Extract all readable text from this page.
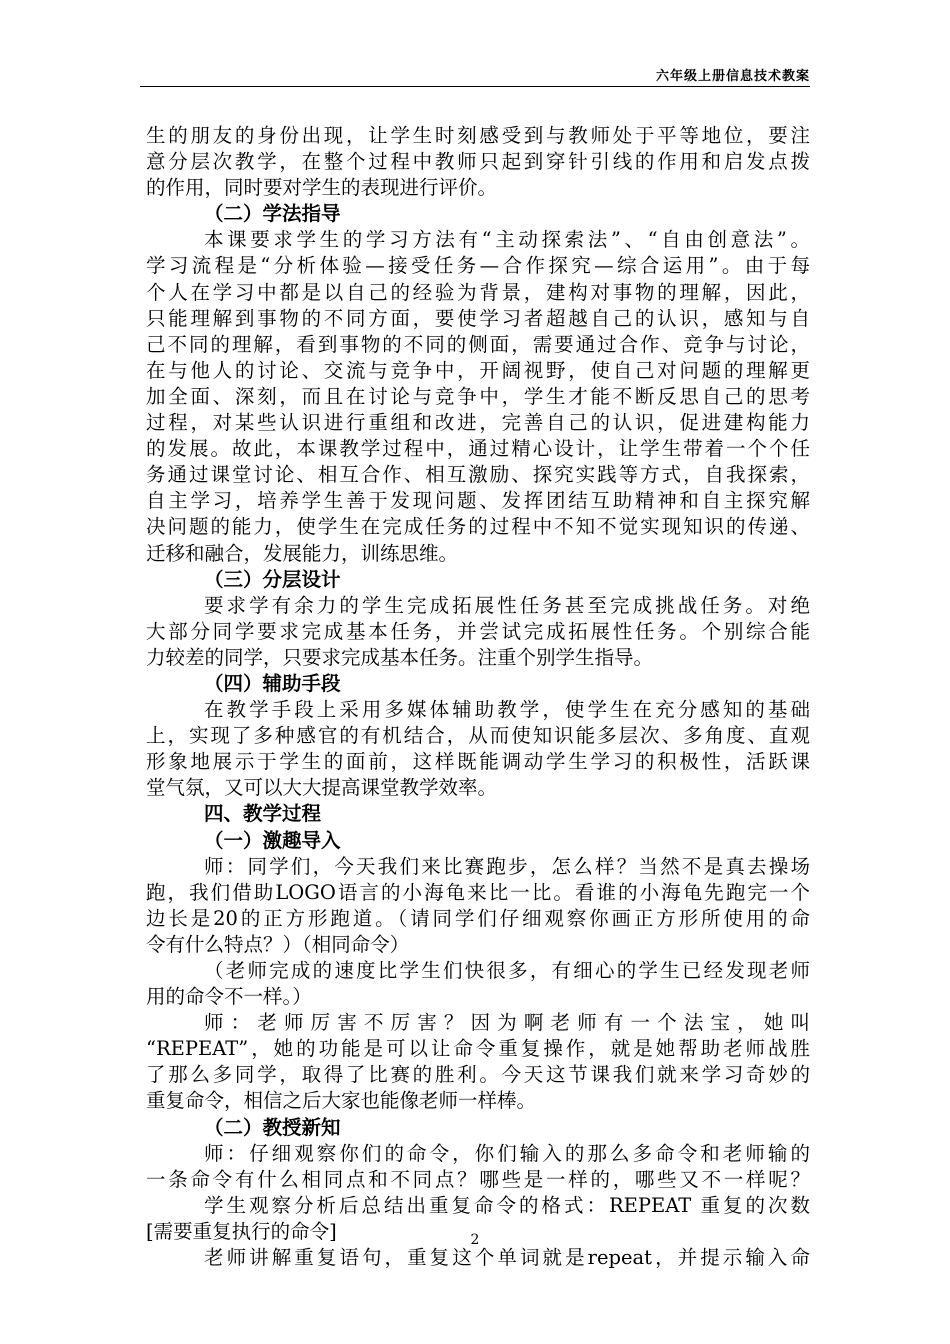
六年级上册信息技术教案
生的朋友的身份出现，让学生时刻感受到与教师处于平等地位，要注
意分层次教学，在整个过程中教师只起到穿针引线的作用和启发点拨
的作用，同时要对学生的表现进行评价。
（二）学法指导
本课要求学生的学习方法有“主动探索法”、“自由创意法”。
学习流程是“分析体验—接受任务—合作探究—综合运用”。由于每
个人在学习中都是以自己的经验为背景，建构对事物的理解，因此，
只能理解到事物的不同方面，要使学习者超越自己的认识，感知与自
己不同的理解，看到事物的不同的侧面，需要通过合作、竞争与讨论，
在与他人的讨论、交流与竞争中，开阔视野，使自己对问题的理解更
加全面、深刻，而且在讨论与竞争中，学生才能不断反思自己的思考
过程，对某些认识进行重组和改进，完善自己的认识，促进建构能力
的发展。故此，本课教学过程中，通过精心设计，让学生带着一个个任
务通过课堂讨论、相互合作、相互激励、探究实践等方式，自我探索，
自主学习，培养学生善于发现问题、发挥团结互助精神和自主探究解
决问题的能力，使学生在完成任务的过程中不知不觉实现知识的传递、
迁移和融合，发展能力，训练思维。
（三）分层设计
要求学有余力的学生完成拓展性任务甚至完成挑战任务。对绝
大部分同学要求完成基本任务，并尝试完成拓展性任务。个别综合能
力较差的同学，只要求完成基本任务。注重个别学生指导。
（四）辅助手段
在教学手段上采用多媒体辅助教学，使学生在充分感知的基础
上，实现了多种感官的有机结合，从而使知识能多层次、多角度、直观
形象地展示于学生的面前，这样既能调动学生学习的积极性，活跃课
堂气氛，又可以大大提高课堂教学效率。
四、教学过程
（一）激趣导入
师：同学们，今天我们来比赛跑步，怎么样？当然不是真去操场
跑，我们借助LOGO语言的小海龟来比一比。看谁的小海龟先跑完一个
边长是20的正方形跑道。（请同学们仔细观察你画正方形所使用的命
令有什么特点？）（相同命令）
（老师完成的速度比学生们快很多，有细心的学生已经发现老师
用的命令不一样。）
师：老师厉害不厉害？因为啊老师有一个法宝，她叫
“REPEAT”，她的功能是可以让命令重复操作，就是她帮助老师战胜
了那么多同学，取得了比赛的胜利。今天这节课我们就来学习奇妙的
重复命令，相信之后大家也能像老师一样棒。
（二）教授新知
师：仔细观察你们的命令，你们输入的那么多命令和老师输的
一条命令有什么相同点和不同点？哪些是一样的，哪些又不一样呢？
学生观察分析后总结出重复命令的格式：REPEAT 重复的次数
[需要重复执行的命令]
老师讲解重复语句，重复这个单词就是repeat，并提示输入命
2
